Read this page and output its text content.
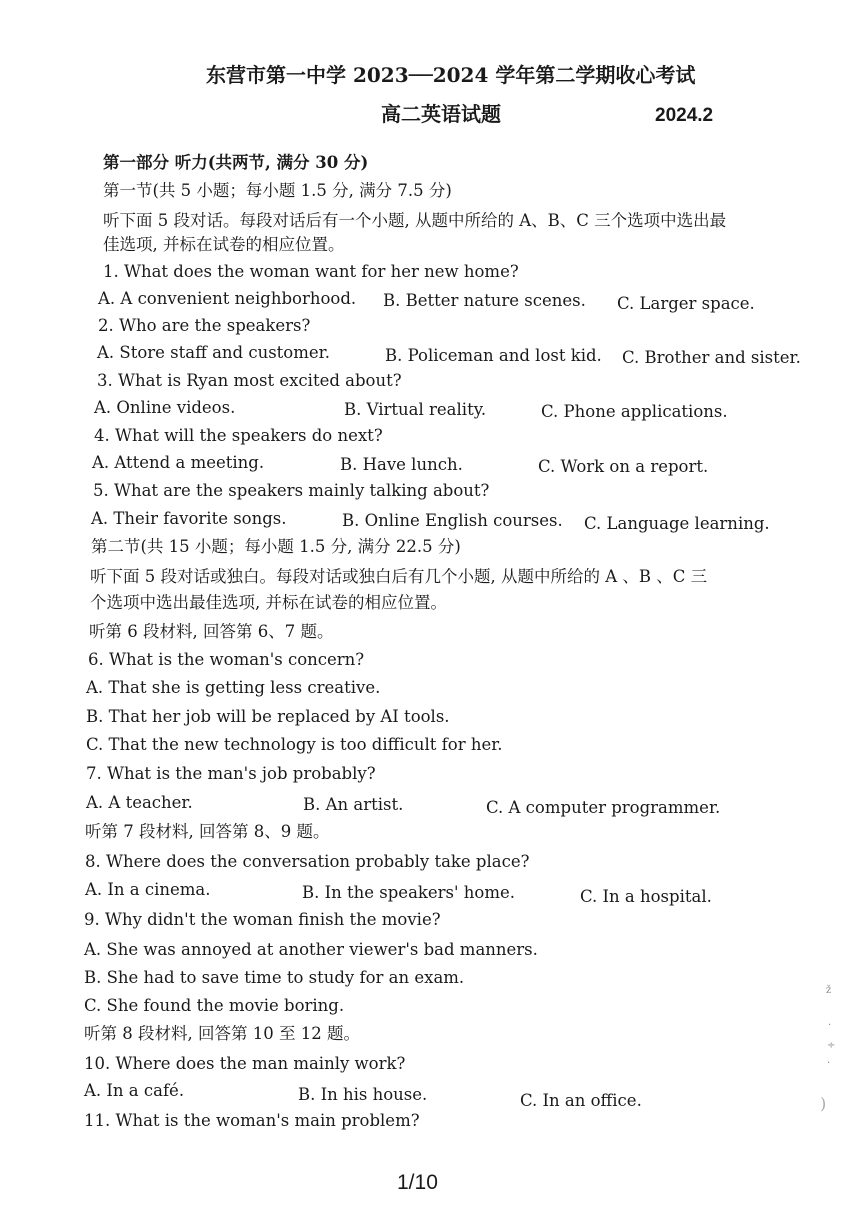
东营市第一中学 2023──2024 学年第二学期收心考试
高二英语试题	2024.2
第一部分 听力(共两节, 满分 30 分)
第一节(共 5 小题；每小题 1.5 分, 满分 7.5 分)
听下面 5 段对话。每段对话后有一个小题, 从题中所给的 A、B、C 三个选项中选出最
佳选项, 并标在试卷的相应位置。
1. What does the woman want for her new home?
A. A convenient neighborhood. B. Better nature scenes. C. Larger space.
2. Who are the speakers?
A. Store staff and customer.	B. Policeman and lost kid. C. Brother and sister.
3. What is Ryan most excited about?
A. Online videos.	B. Virtual reality.	C. Phone applications.
4. What will the speakers do next?
A. Attend a meeting.	B. Have lunch.	C. Work on a report.
5. What are the speakers mainly talking about?
A. Their favorite songs.	B. Online English courses. C. Language learning.
第二节(共 15 小题；每小题 1.5 分, 满分 22.5 分)
听下面 5 段对话或独白。每段对话或独白后有几个小题, 从题中所给的 A 、B 、C 三
个选项中选出最佳选项, 并标在试卷的相应位置。
听第 6 段材料, 回答第 6、7 题。
6. What is the woman's concern?
A. That she is getting less creative.
B. That her job will be replaced by AI tools.
C. That the new technology is too difficult for her.
7. What is the man's job probably?
A. A teacher.	B. An artist.	C. A computer programmer.
听第 7 段材料, 回答第 8、9 题。
8. Where does the conversation probably take place?
A. In a cinema.	B. In the speakers' home.	C. In a hospital.
9. Why didn't the woman finish the movie?
A. She was annoyed at another viewer's bad manners.
B. She had to save time to study for an exam.
C. She found the movie boring.
听第 8 段材料, 回答第 10 至 12 题。
10. Where does the man mainly work?
A. In a café.	B. In his house.	C. In an office.
11. What is the woman's main problem?
ž
·
÷
·
)
1/10
